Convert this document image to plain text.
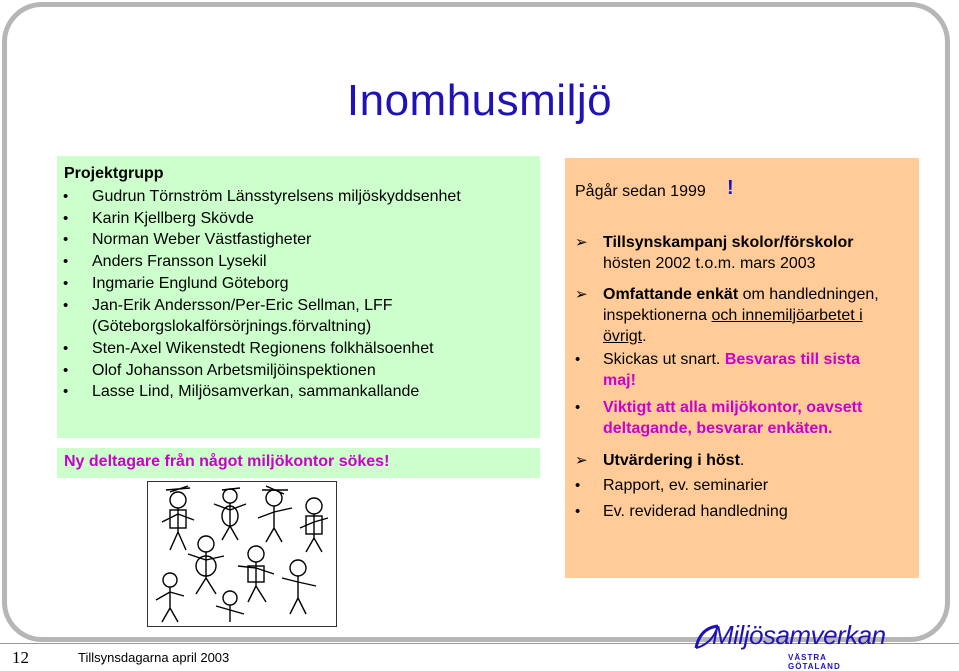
Inomhusmiljö
Projektgrupp
• Gudrun Törnström Länsstyrelsens miljöskyddsenhet
• Karin Kjellberg Skövde
• Norman Weber Västfastigheter
• Anders Fransson Lysekil
• Ingmarie Englund Göteborg
• Jan-Erik Andersson/Per-Eric Sellman, LFF
(Göteborgslokalförsörjnings.förvaltning)
• Sten-Axel Wikenstedt Regionens folkhälsoenhet
• Olof Johansson Arbetsmiljöinspektionen
• Lasse Lind, Miljösamverkan, sammankallande
Ny deltagare från något miljökontor sökes!
Pågår sedan 1999 !
➢ Tillsynskampanj skolor/förskolor
hösten 2002 t.o.m. mars 2003
➢ Omfattande enkät om handledningen,
inspektionerna och innemiljöarbetet i
övrigt.
• Skickas ut snart. Besvaras till sista
maj!
• Viktigt att alla miljökontor, oavsett deltagande, besvarar enkäten.
➢ Utvärdering i höst.
• Rapport, ev. seminarier
• Ev. reviderad handledning
12	Tillsynsdagarna april 2003
Miljösamverkan
VÄSTRA GÖTALAND
